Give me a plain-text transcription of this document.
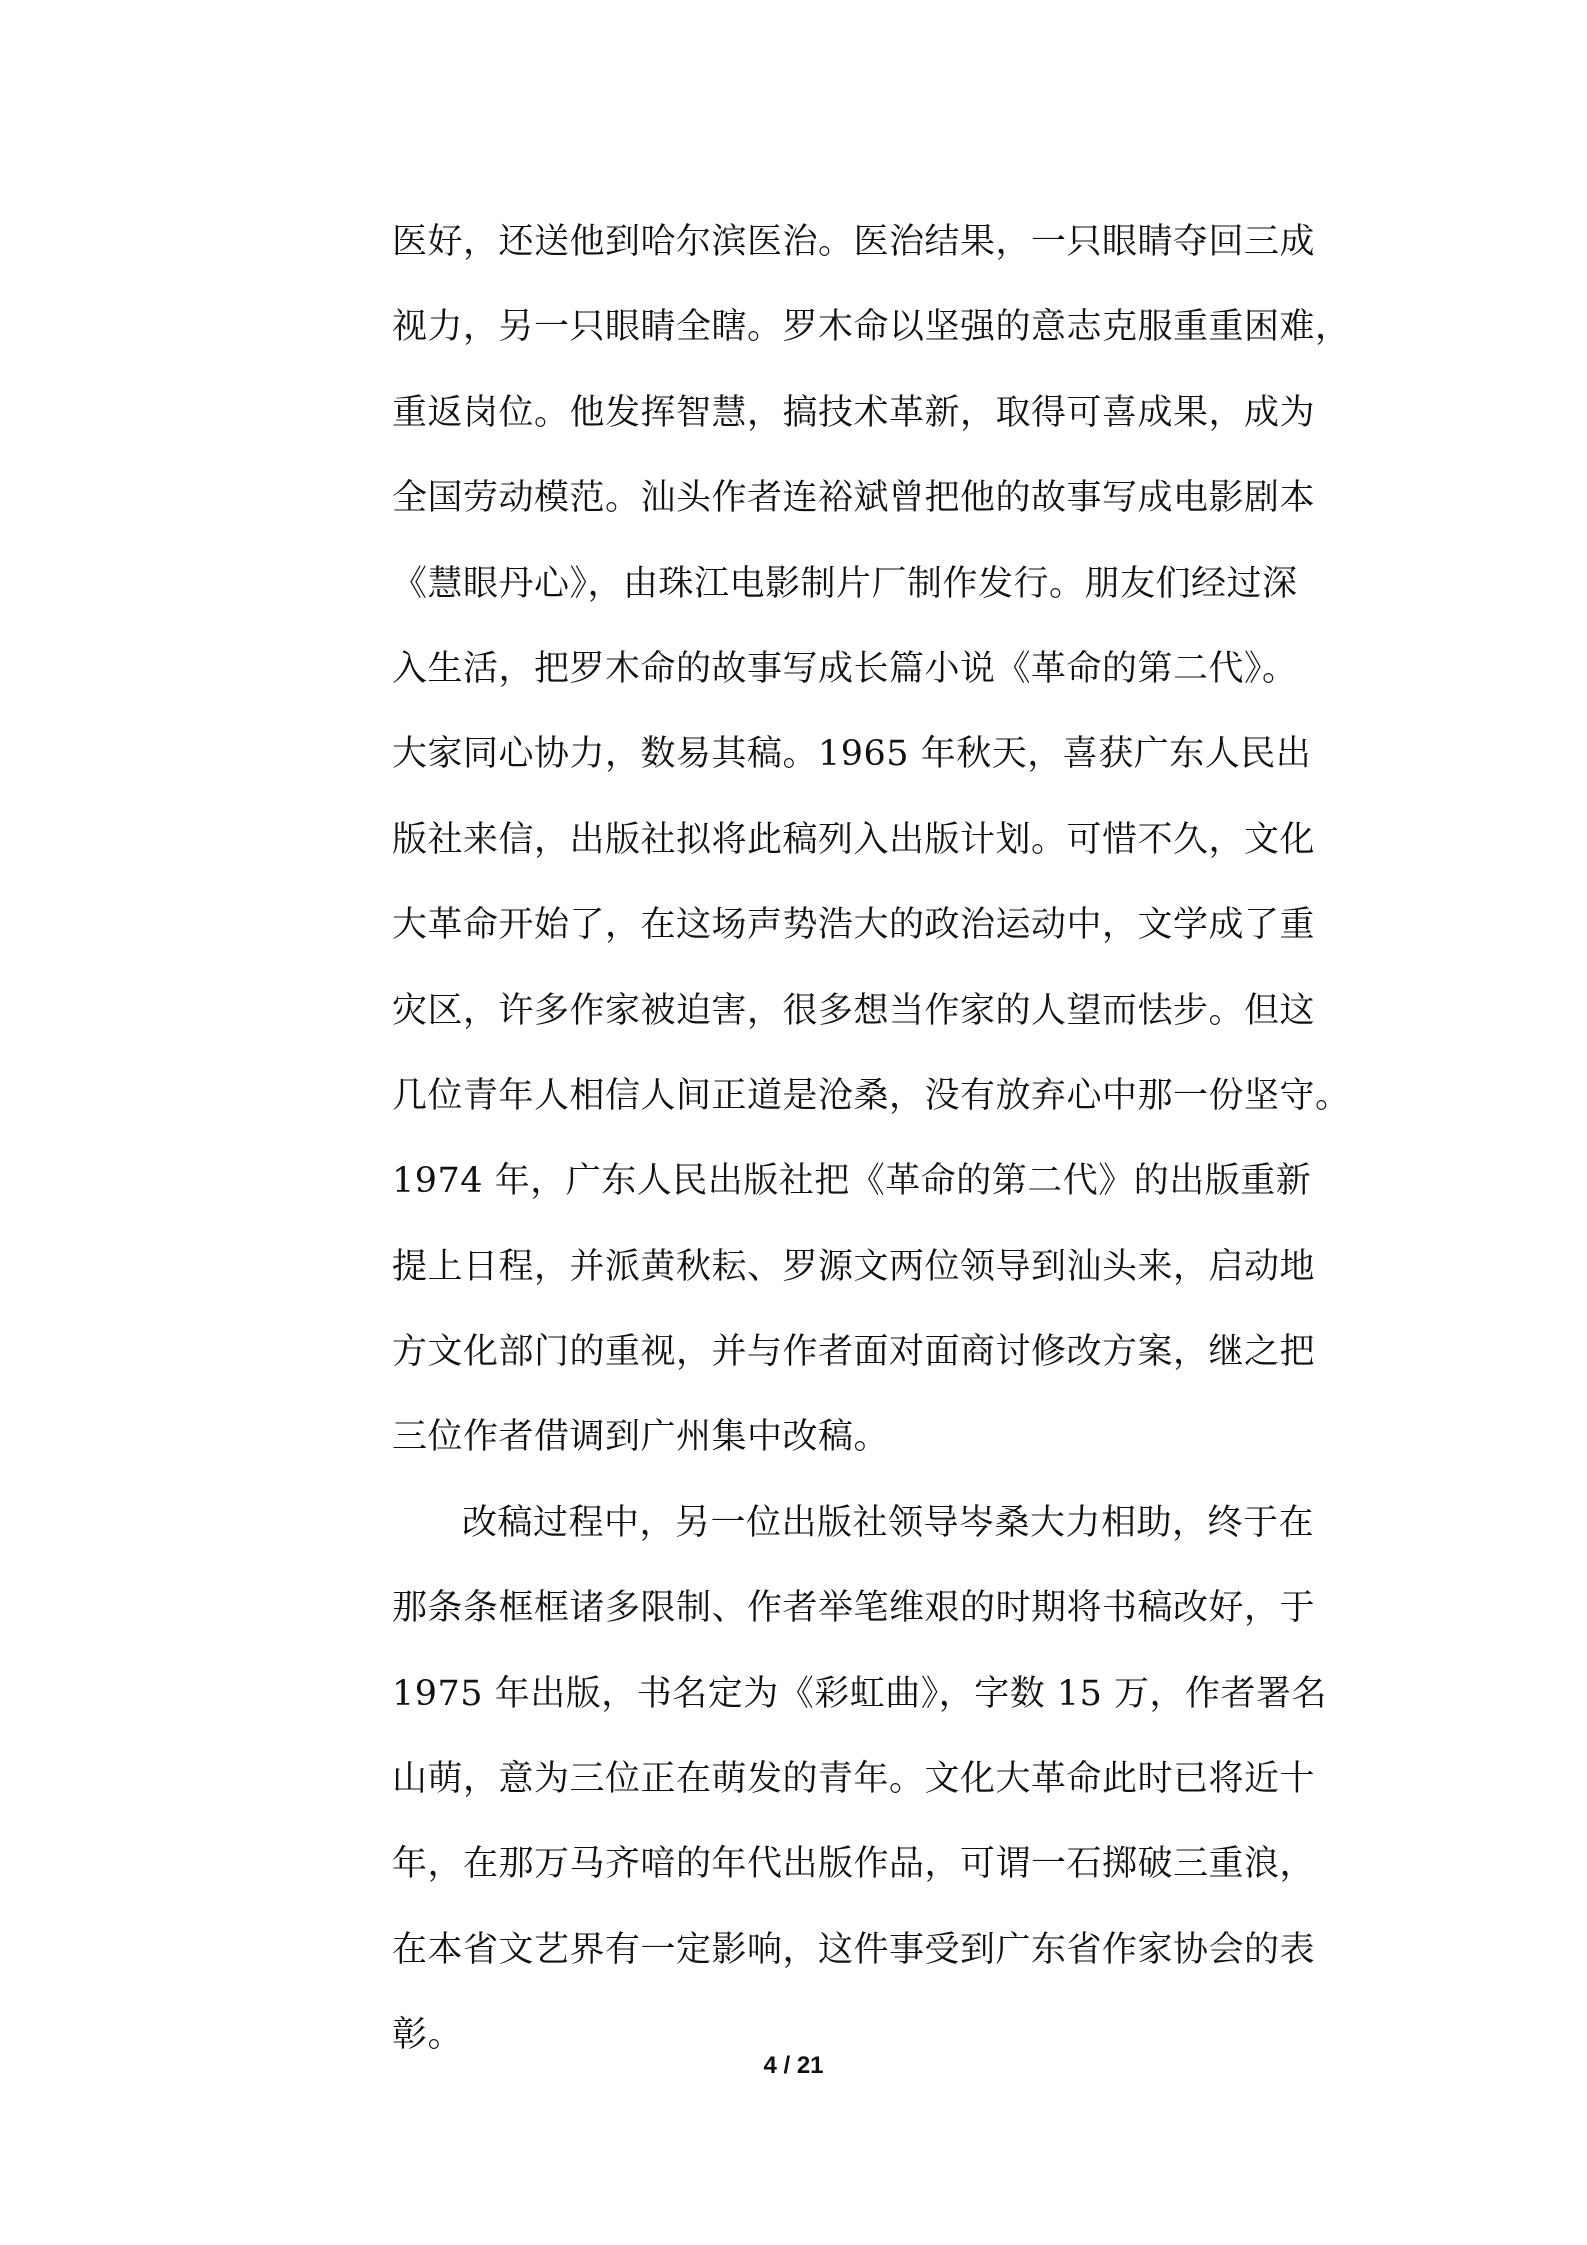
医好，还送他到哈尔滨医治。医治结果，一只眼睛夺回三成
视力，另一只眼睛全瞎。罗木命以坚强的意志克服重重困难，
重返岗位。他发挥智慧，搞技术革新，取得可喜成果，成为
全国劳动模范。汕头作者连裕斌曾把他的故事写成电影剧本
《慧眼丹心》，由珠江电影制片厂制作发行。朋友们经过深
入生活，把罗木命的故事写成长篇小说《革命的第二代》。
大家同心协力，数易其稿。1965 年秋天，喜获广东人民出
版社来信，出版社拟将此稿列入出版计划。可惜不久，文化
大革命开始了，在这场声势浩大的政治运动中，文学成了重
灾区，许多作家被迫害，很多想当作家的人望而怯步。但这
几位青年人相信人间正道是沧桑，没有放弃心中那一份坚守。
1974 年，广东人民出版社把《革命的第二代》的出版重新
提上日程，并派黄秋耘、罗源文两位领导到汕头来，启动地
方文化部门的重视，并与作者面对面商讨修改方案，继之把
三位作者借调到广州集中改稿。
改稿过程中，另一位出版社领导岑桑大力相助，终于在
那条条框框诸多限制、作者举笔维艰的时期将书稿改好，于
1975 年出版，书名定为《彩虹曲》，字数 15 万，作者署名
山萌，意为三位正在萌发的青年。文化大革命此时已将近十
年，在那万马齐喑的年代出版作品，可谓一石掷破三重浪，
在本省文艺界有一定影响，这件事受到广东省作家协会的表
彰。
4 / 21
